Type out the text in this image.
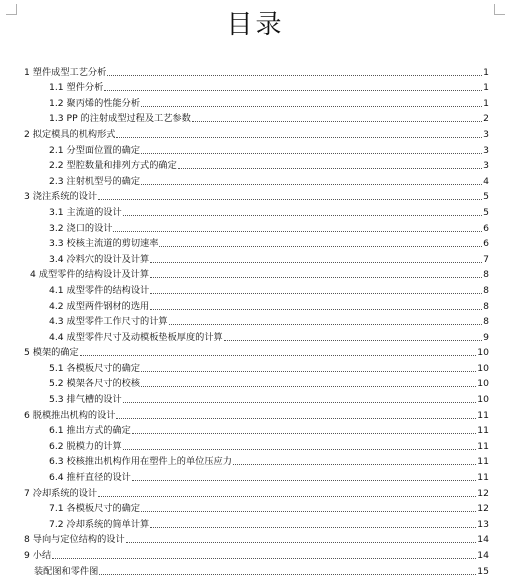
目录
1 塑件成型工艺分析	1
1.1 塑件分析	1
1.2 聚丙烯的性能分析	1
1.3 PP 的注射成型过程及工艺参数	2
2 拟定模具的机构形式	3
2.1 分型面位置的确定	3
2.2 型腔数量和排列方式的确定	3
2.3 注射机型号的确定	4
3 浇注系统的设计	5
3.1 主流道的设计	5
3.2 浇口的设计	6
3.3 校核主流道的剪切速率	6
3.4 冷料穴的设计及计算	7
4 成型零件的结构设计及计算	8
4.1 成型零件的结构设计	8
4.2 成型两件钢材的选用	8
4.3 成型零件工作尺寸的计算	8
4.4 成型零件尺寸及动模板垫板厚度的计算	9
5 模架的确定	10
5.1 各模板尺寸的确定	10
5.2 模架各尺寸的校核	10
5.3 排气槽的设计	10
6 脱模推出机构的设计	11
6.1 推出方式的确定	11
6.2 脱模力的计算	11
6.3 校核推出机构作用在塑件上的单位压应力	11
6.4 推杆直径的设计	11
7 冷却系统的设计	12
7.1 各模板尺寸的确定	12
7.2 冷却系统的简单计算	13
8 导向与定位结构的设计	14
9 小结	14
装配图和零件图	15
